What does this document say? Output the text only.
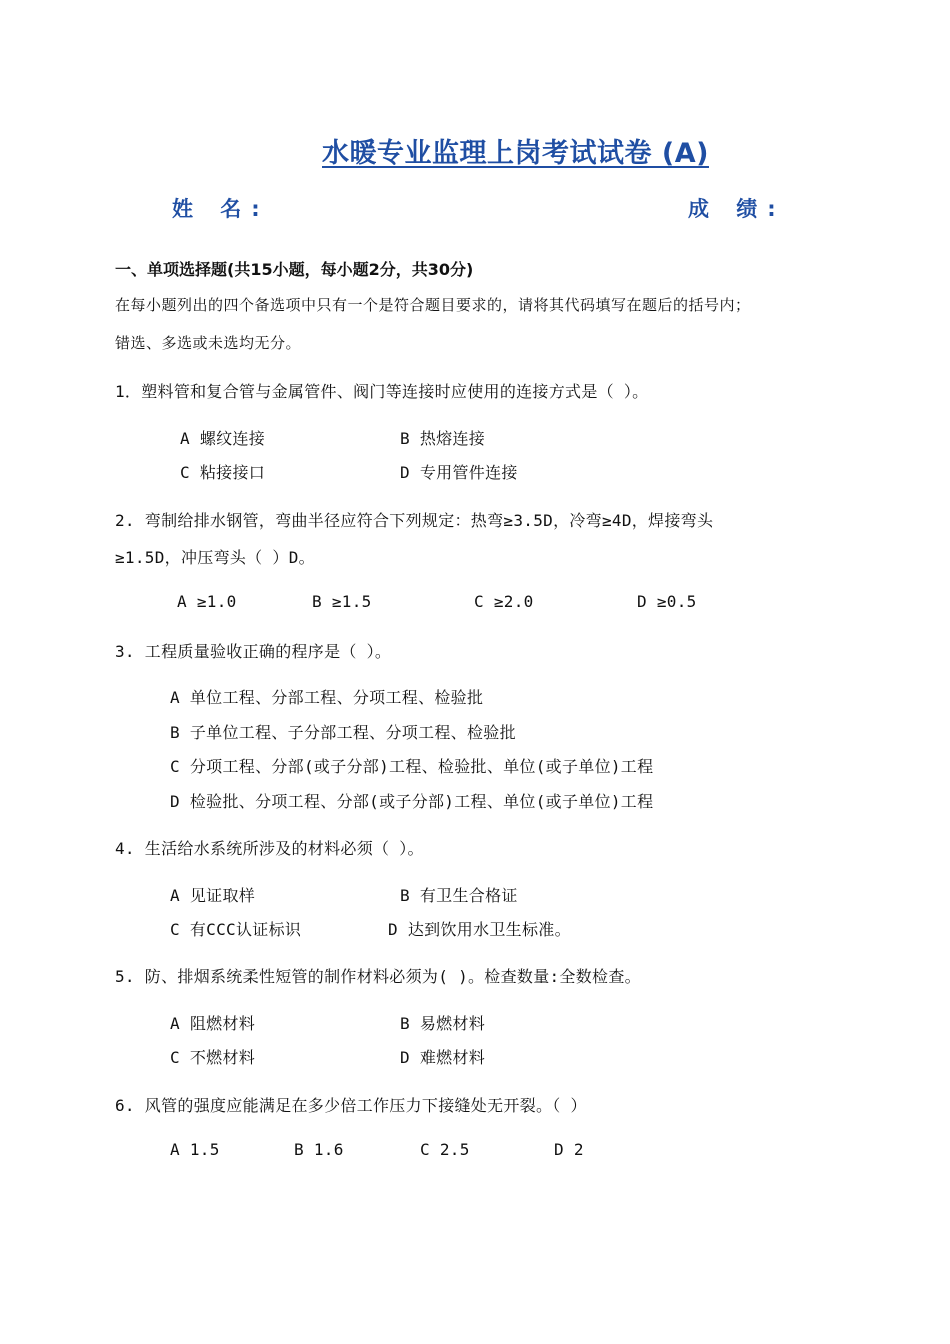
水暖专业监理上岗考试试卷 (A)
姓 名:	成 绩:
一、单项选择题(共15小题，每小题2分，共30分)
在每小题列出的四个备选项中只有一个是符合题目要求的，请将其代码填写在题后的括号内；
错选、多选或未选均无分。
1．塑料管和复合管与金属管件、阀门等连接时应使用的连接方式是（ ）。
A 螺纹连接	B 热熔连接
C 粘接接口	D 专用管件连接
2. 弯制给排水钢管，弯曲半径应符合下列规定：热弯≥3.5D，冷弯≥4D，焊接弯头
≥1.5D，冲压弯头（ ）D。
A ≥1.0	B ≥1.5	C ≥2.0	D ≥0.5
3. 工程质量验收正确的程序是（ ）。
A 单位工程、分部工程、分项工程、检验批
B 子单位工程、子分部工程、分项工程、检验批
C 分项工程、分部(或子分部)工程、检验批、单位(或子单位)工程
D 检验批、分项工程、分部(或子分部)工程、单位(或子单位)工程
4. 生活给水系统所涉及的材料必须（ ）。
A 见证取样	B 有卫生合格证
C 有CCC认证标识	D 达到饮用水卫生标准。
5. 防、排烟系统柔性短管的制作材料必须为( )。检查数量:全数检查。
A 阻燃材料	B 易燃材料
C 不燃材料	D 难燃材料
6. 风管的强度应能满足在多少倍工作压力下接缝处无开裂。（ ）
A 1.5	B 1.6	C 2.5	D 2
